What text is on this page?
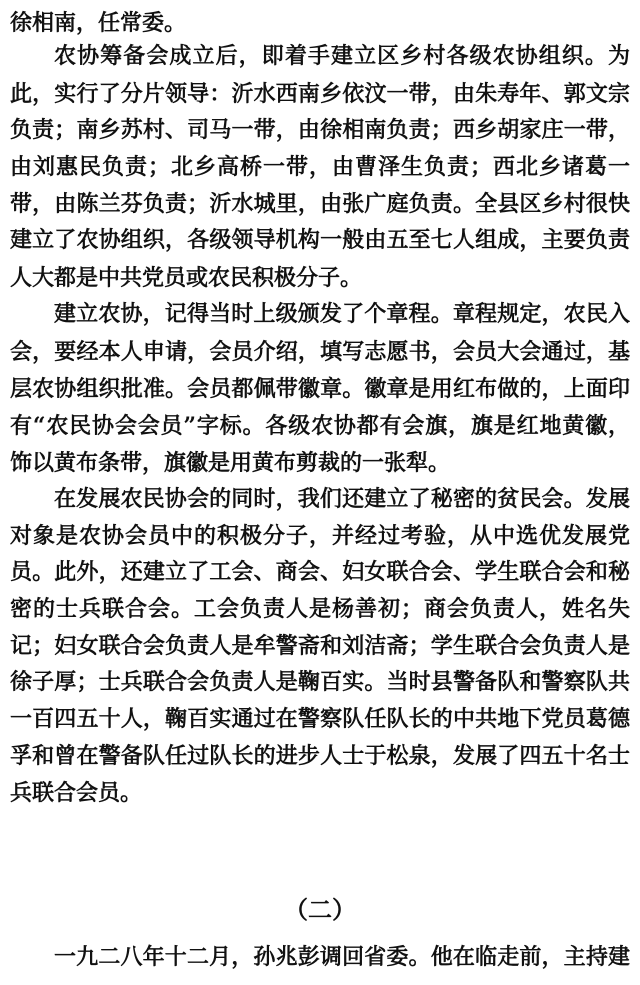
徐相南，任常委。
农协筹备会成立后，即着手建立区乡村各级农协组织。为
此，实行了分片领导：沂水西南乡依汶一带，由朱寿年、郭文宗
负责；南乡苏村、司马一带，由徐相南负责；西乡胡家庄一带，
由刘惠民负责；北乡高桥一带，由曹泽生负责；西北乡诸葛一
带，由陈兰芬负责；沂水城里，由张广庭负责。全县区乡村很快
建立了农协组织，各级领导机构一般由五至七人组成，主要负责
人大都是中共党员或农民积极分子。
建立农协，记得当时上级颁发了个章程。章程规定，农民入
会，要经本人申请，会员介绍，填写志愿书，会员大会通过，基
层农协组织批准。会员都佩带徽章。徽章是用红布做的，上面印
有“农民协会会员”字标。各级农协都有会旗，旗是红地黄徽，
饰以黄布条带，旗徽是用黄布剪裁的一张犁。
在发展农民协会的同时，我们还建立了秘密的贫民会。发展
对象是农协会员中的积极分子，并经过考验，从中选优发展党
员。此外，还建立了工会、商会、妇女联合会、学生联合会和秘
密的士兵联合会。工会负责人是杨善初；商会负责人，姓名失
记；妇女联合会负责人是牟警斋和刘洁斋；学生联合会负责人是
徐子厚；士兵联合会负责人是鞠百实。当时县警备队和警察队共
一百四五十人，鞠百实通过在警察队任队长的中共地下党员葛德
孚和曾在警备队任过队长的进步人士于松泉，发展了四五十名士
兵联合会员。
（二）
一九二八年十二月，孙兆彭调回省委。他在临走前，主持建
